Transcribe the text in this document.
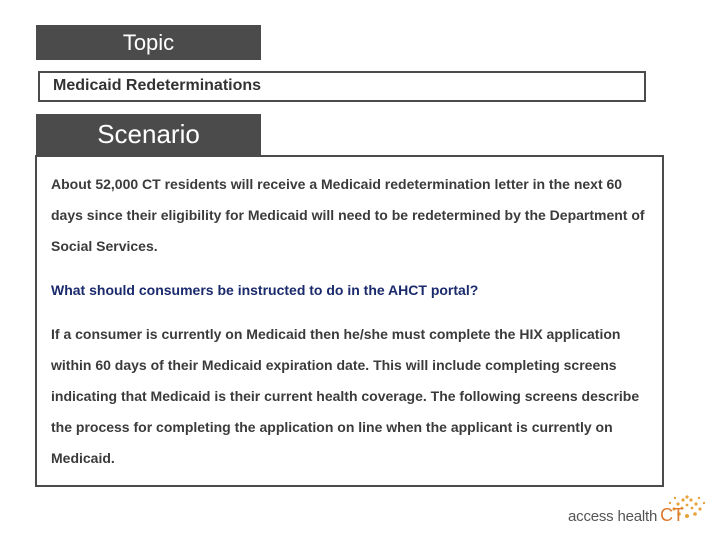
Topic
Medicaid Redeterminations
Scenario

About 52,000 CT residents will receive a Medicaid redetermination letter in the next 60 days since their eligibility for Medicaid will need to be redetermined by the Department of Social Services.

What should consumers be instructed to do in the AHCT portal?

If a consumer is currently on Medicaid then he/she must complete the HIX application within 60 days of their Medicaid expiration date. This will include completing screens indicating that Medicaid is their current health coverage. The following screens describe the process for completing the application on line when the applicant is currently on Medicaid.

access health CT
